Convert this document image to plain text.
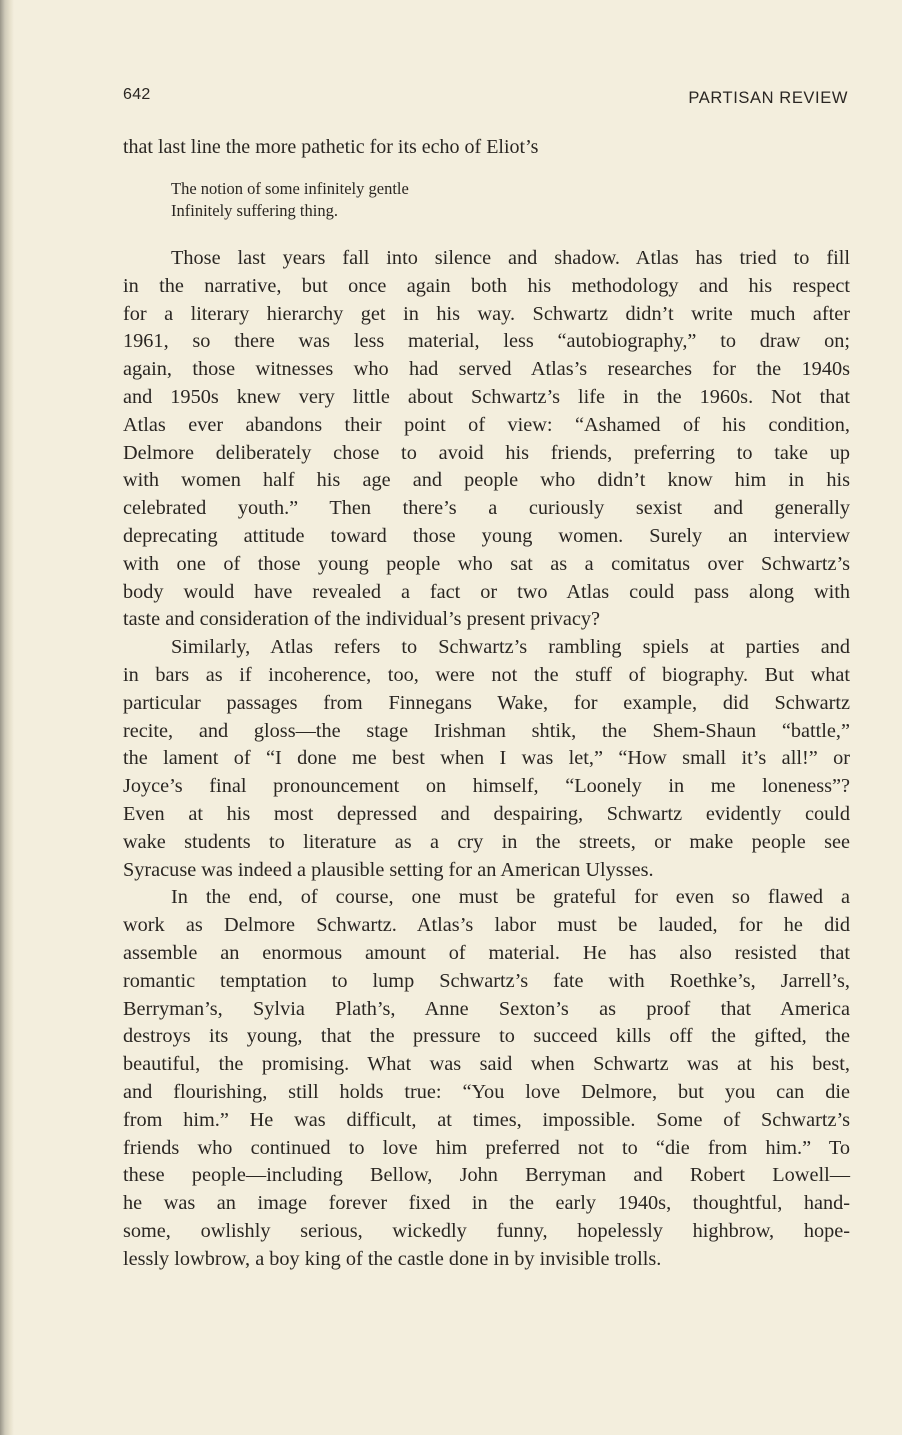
642	PARTISAN REVIEW

that last line the more pathetic for its echo of Eliot’s

The notion of some infinitely gentle
Infinitely suffering thing.
Those last years fall into silence and shadow. Atlas has tried to fill
in the narrative, but once again both his methodology and his respect
for a literary hierarchy get in his way. Schwartz didn’t write much after
1961, so there was less material, less “autobiography,” to draw on;
again, those witnesses who had served Atlas’s researches for the 1940s
and 1950s knew very little about Schwartz’s life in the 1960s. Not that
Atlas ever abandons their point of view: “Ashamed of his condition,
Delmore deliberately chose to avoid his friends, preferring to take up
with women half his age and people who didn’t know him in his
celebrated youth.” Then there’s a curiously sexist and generally
deprecating attitude toward those young women. Surely an interview
with one of those young people who sat as a comitatus over Schwartz’s
body would have revealed a fact or two Atlas could pass along with
taste and consideration of the individual’s present privacy?
Similarly, Atlas refers to Schwartz’s rambling spiels at parties and
in bars as if incoherence, too, were not the stuff of biography. But what
particular passages from Finnegans Wake, for example, did Schwartz
recite, and gloss—the stage Irishman shtik, the Shem-Shaun “battle,”
the lament of “I done me best when I was let,” “How small it’s all!” or
Joyce’s final pronouncement on himself, “Loonely in me loneness”?
Even at his most depressed and despairing, Schwartz evidently could
wake students to literature as a cry in the streets, or make people see
Syracuse was indeed a plausible setting for an American Ulysses.
In the end, of course, one must be grateful for even so flawed a
work as Delmore Schwartz. Atlas’s labor must be lauded, for he did
assemble an enormous amount of material. He has also resisted that
romantic temptation to lump Schwartz’s fate with Roethke’s, Jarrell’s,
Berryman’s, Sylvia Plath’s, Anne Sexton’s as proof that America
destroys its young, that the pressure to succeed kills off the gifted, the
beautiful, the promising. What was said when Schwartz was at his best,
and flourishing, still holds true: “You love Delmore, but you can die
from him.” He was difficult, at times, impossible. Some of Schwartz’s
friends who continued to love him preferred not to “die from him.” To
these people—including Bellow, John Berryman and Robert Lowell—
he was an image forever fixed in the early 1940s, thoughtful, hand-
some, owlishly serious, wickedly funny, hopelessly highbrow, hope-
lessly lowbrow, a boy king of the castle done in by invisible trolls.
